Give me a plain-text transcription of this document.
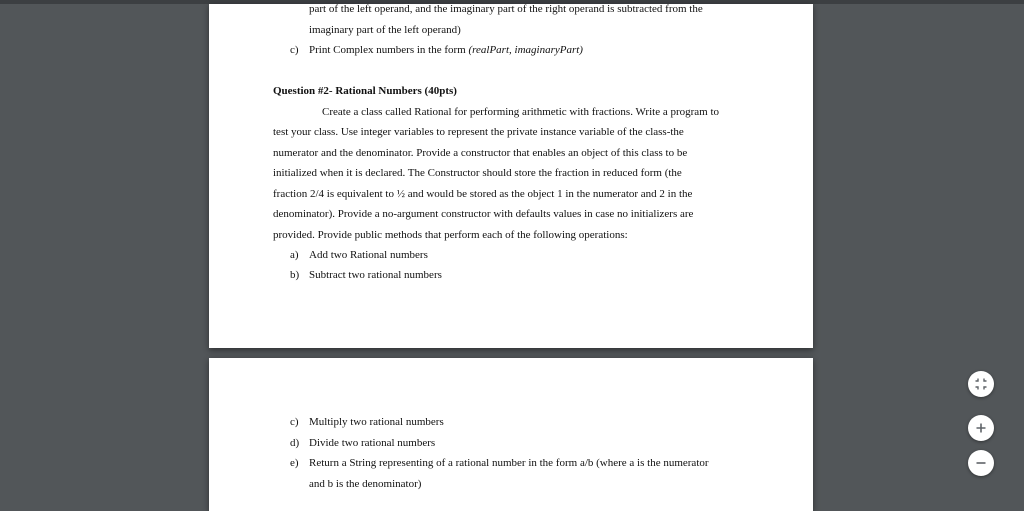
part of the left operand, and the imaginary part of the right operand is subtracted from the
imaginary part of the left operand)
c) Print Complex numbers in the form (realPart, imaginaryPart)
Question #2- Rational Numbers (40pts)
Create a class called Rational for performing arithmetic with fractions. Write a program to
test your class. Use integer variables to represent the private instance variable of the class-the
numerator and the denominator. Provide a constructor that enables an object of this class to be
initialized when it is declared. The Constructor should store the fraction in reduced form (the
fraction 2/4 is equivalent to ½ and would be stored as the object 1 in the numerator and 2 in the
denominator). Provide a no-argument constructor with defaults values in case no initializers are
provided. Provide public methods that perform each of the following operations:
a) Add two Rational numbers
b) Subtract two rational numbers
c) Multiply two rational numbers
d) Divide two rational numbers
e) Return a String representing of a rational number in the form a/b (where a is the numerator
and b is the denominator)
